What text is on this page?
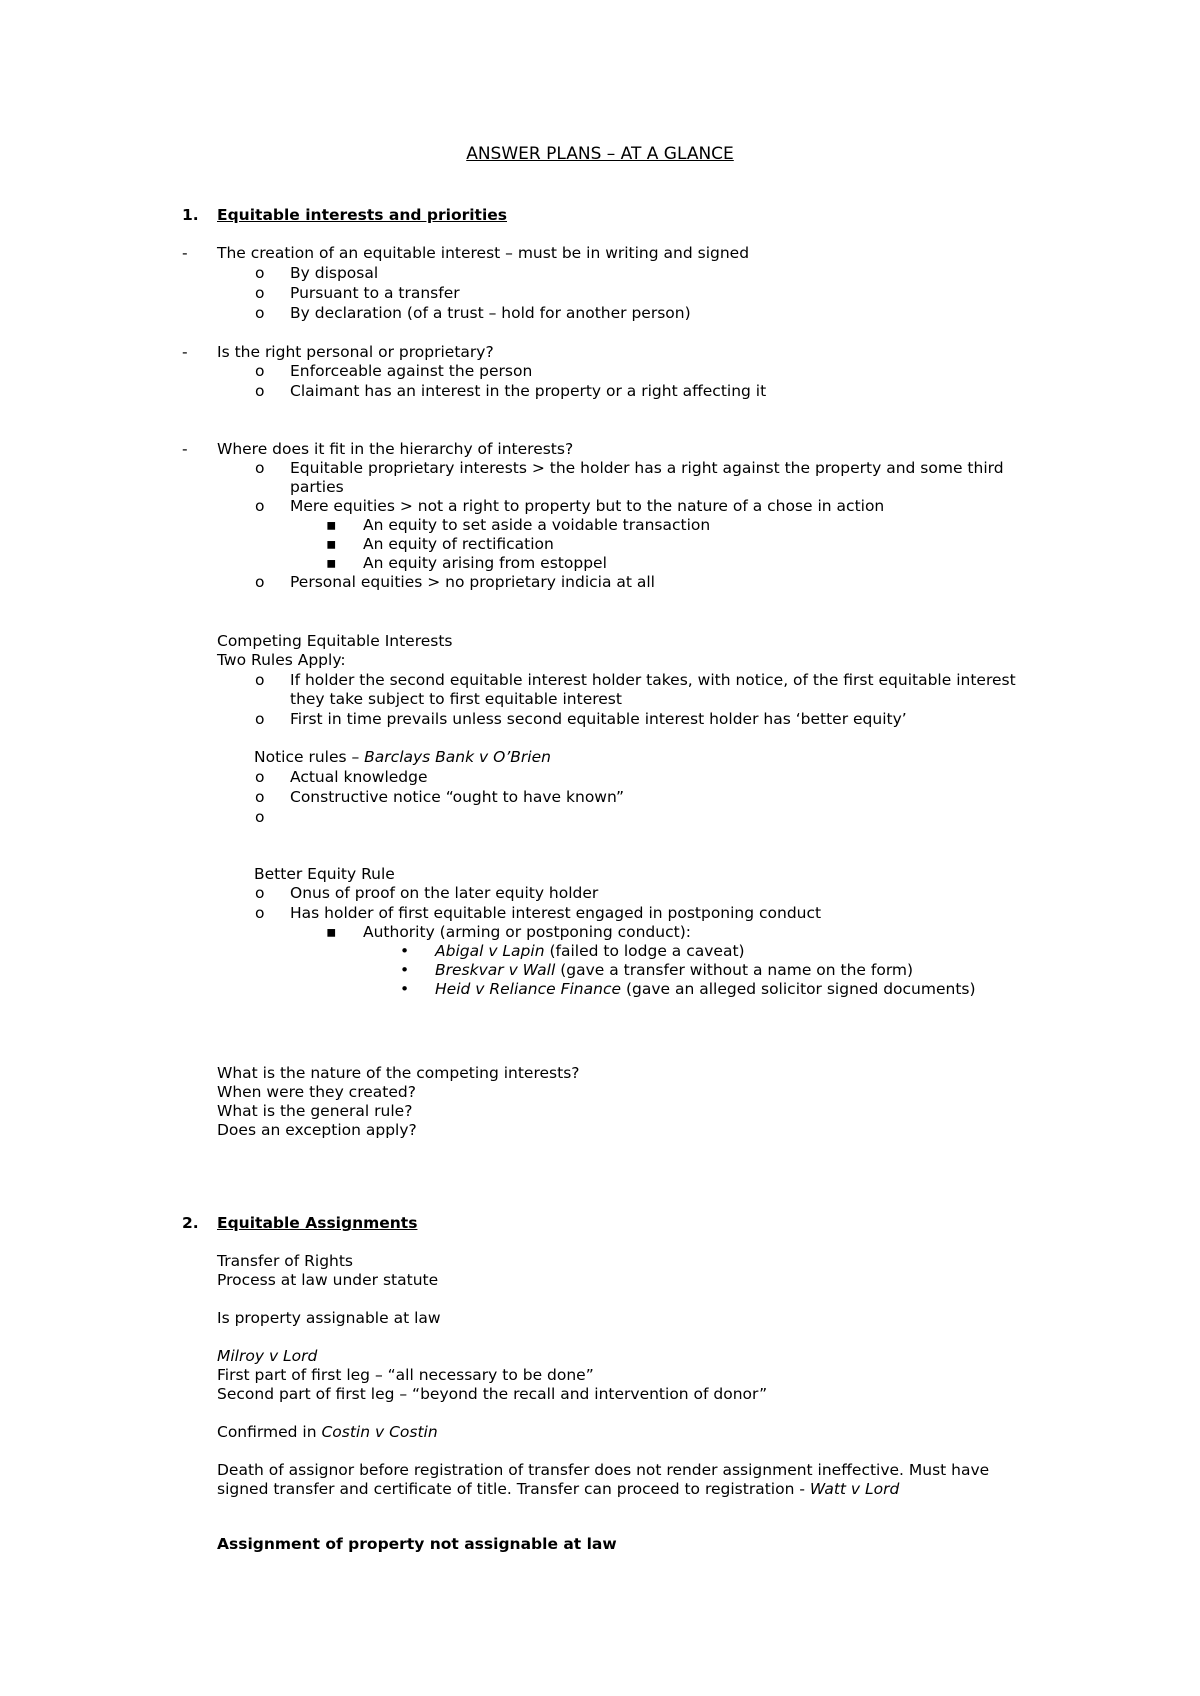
ANSWER PLANS – AT A GLANCE
1. Equitable interests and priorities
- The creation of an equitable interest – must be in writing and signed
o By disposal
o Pursuant to a transfer
o By declaration (of a trust – hold for another person)
- Is the right personal or proprietary?
o Enforceable against the person
o Claimant has an interest in the property or a right affecting it
- Where does it fit in the hierarchy of interests?
o Equitable proprietary interests > the holder has a right against the property and some third
parties
o Mere equities > not a right to property but to the nature of a chose in action
▪ An equity to set aside a voidable transaction
▪ An equity of rectification
▪ An equity arising from estoppel
o Personal equities > no proprietary indicia at all
Competing Equitable Interests
Two Rules Apply:
o If holder the second equitable interest holder takes, with notice, of the first equitable interest
they take subject to first equitable interest
o First in time prevails unless second equitable interest holder has ‘better equity’
Notice rules – Barclays Bank v O’Brien
o Actual knowledge
o Constructive notice “ought to have known”
o
Better Equity Rule
o Onus of proof on the later equity holder
o Has holder of first equitable interest engaged in postponing conduct
▪ Authority (arming or postponing conduct):
• Abigal v Lapin (failed to lodge a caveat)
• Breskvar v Wall (gave a transfer without a name on the form)
• Heid v Reliance Finance (gave an alleged solicitor signed documents)
What is the nature of the competing interests?
When were they created?
What is the general rule?
Does an exception apply?
2. Equitable Assignments
Transfer of Rights
Process at law under statute
Is property assignable at law
Milroy v Lord
First part of first leg – “all necessary to be done”
Second part of first leg – “beyond the recall and intervention of donor”
Confirmed in Costin v Costin
Death of assignor before registration of transfer does not render assignment ineffective. Must have
signed transfer and certificate of title. Transfer can proceed to registration - Watt v Lord
Assignment of property not assignable at law
